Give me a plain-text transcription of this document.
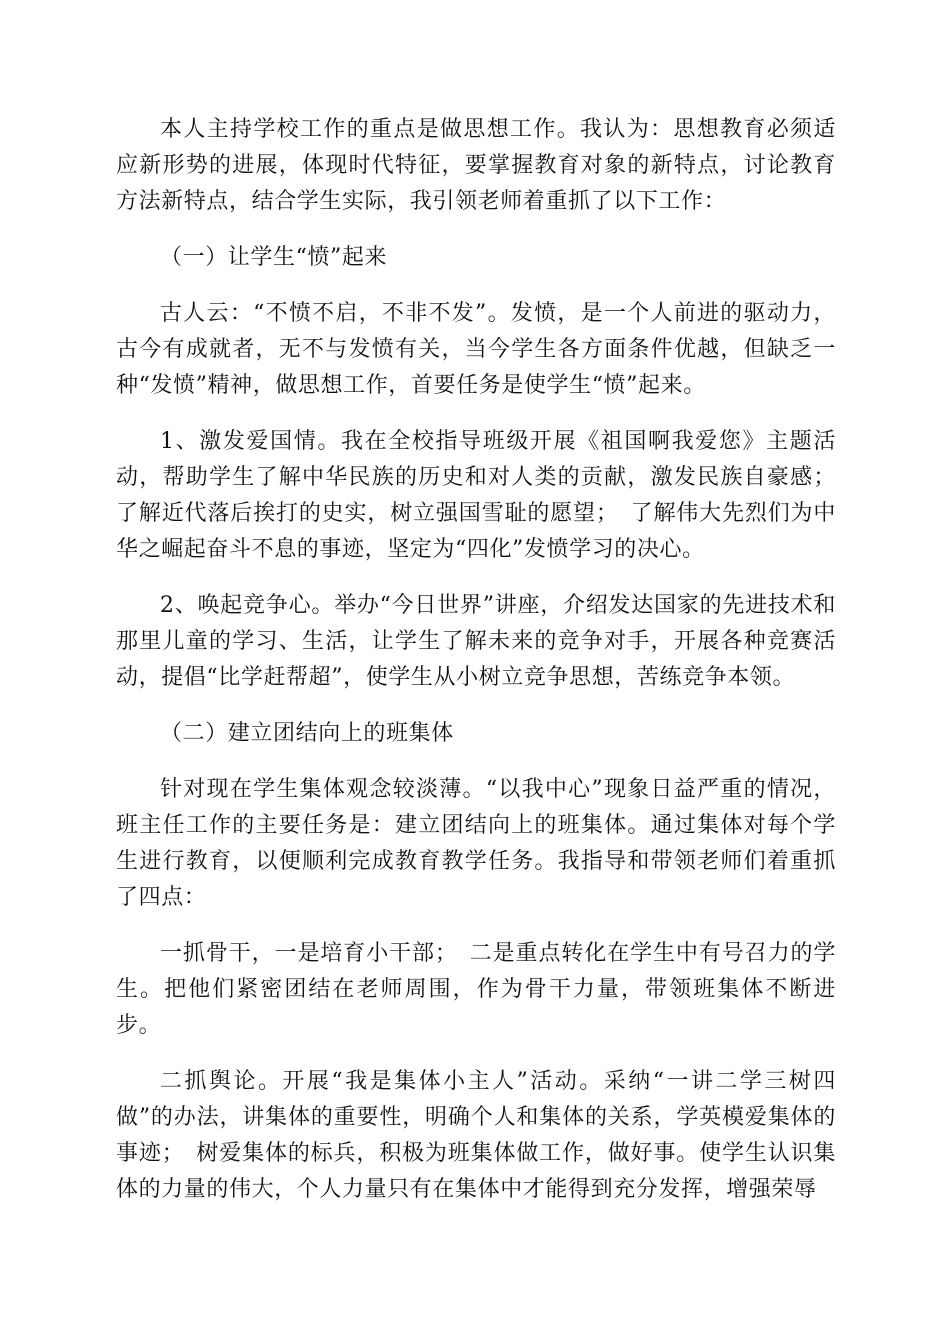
本人主持学校工作的重点是做思想工作。我认为：思想教育必须适应新形势的进展，体现时代特征，要掌握教育对象的新特点，讨论教育方法新特点，结合学生实际，我引领老师着重抓了以下工作：

（一）让学生“愤”起来

古人云：“不愤不启，不非不发”。发愤，是一个人前进的驱动力，古今有成就者，无不与发愤有关，当今学生各方面条件优越，但缺乏一种“发愤”精神，做思想工作，首要任务是使学生“愤”起来。

1、激发爱国情。我在全校指导班级开展《祖国啊我爱您》主题活动，帮助学生了解中华民族的历史和对人类的贡献，激发民族自豪感；了解近代落后挨打的史实，树立强国雪耻的愿望；　了解伟大先烈们为中华之崛起奋斗不息的事迹，坚定为“四化”发愤学习的决心。

2、唤起竞争心。举办“今日世界”讲座，介绍发达国家的先进技术和那里儿童的学习、生活，让学生了解未来的竞争对手，开展各种竞赛活动，提倡“比学赶帮超”，使学生从小树立竞争思想，苦练竞争本领。

（二）建立团结向上的班集体

针对现在学生集体观念较淡薄。“以我中心”现象日益严重的情况，班主任工作的主要任务是：建立团结向上的班集体。通过集体对每个学生进行教育，以便顺利完成教育教学任务。我指导和带领老师们着重抓了四点：

一抓骨干，一是培育小干部；　二是重点转化在学生中有号召力的学生。把他们紧密团结在老师周围，作为骨干力量，带领班集体不断进步。

二抓舆论。开展“我是集体小主人”活动。采纳“一讲二学三树四做”的办法，讲集体的重要性，明确个人和集体的关系，学英模爱集体的事迹；　树爱集体的标兵，积极为班集体做工作，做好事。使学生认识集体的力量的伟大，个人力量只有在集体中才能得到充分发挥，增强荣辱
